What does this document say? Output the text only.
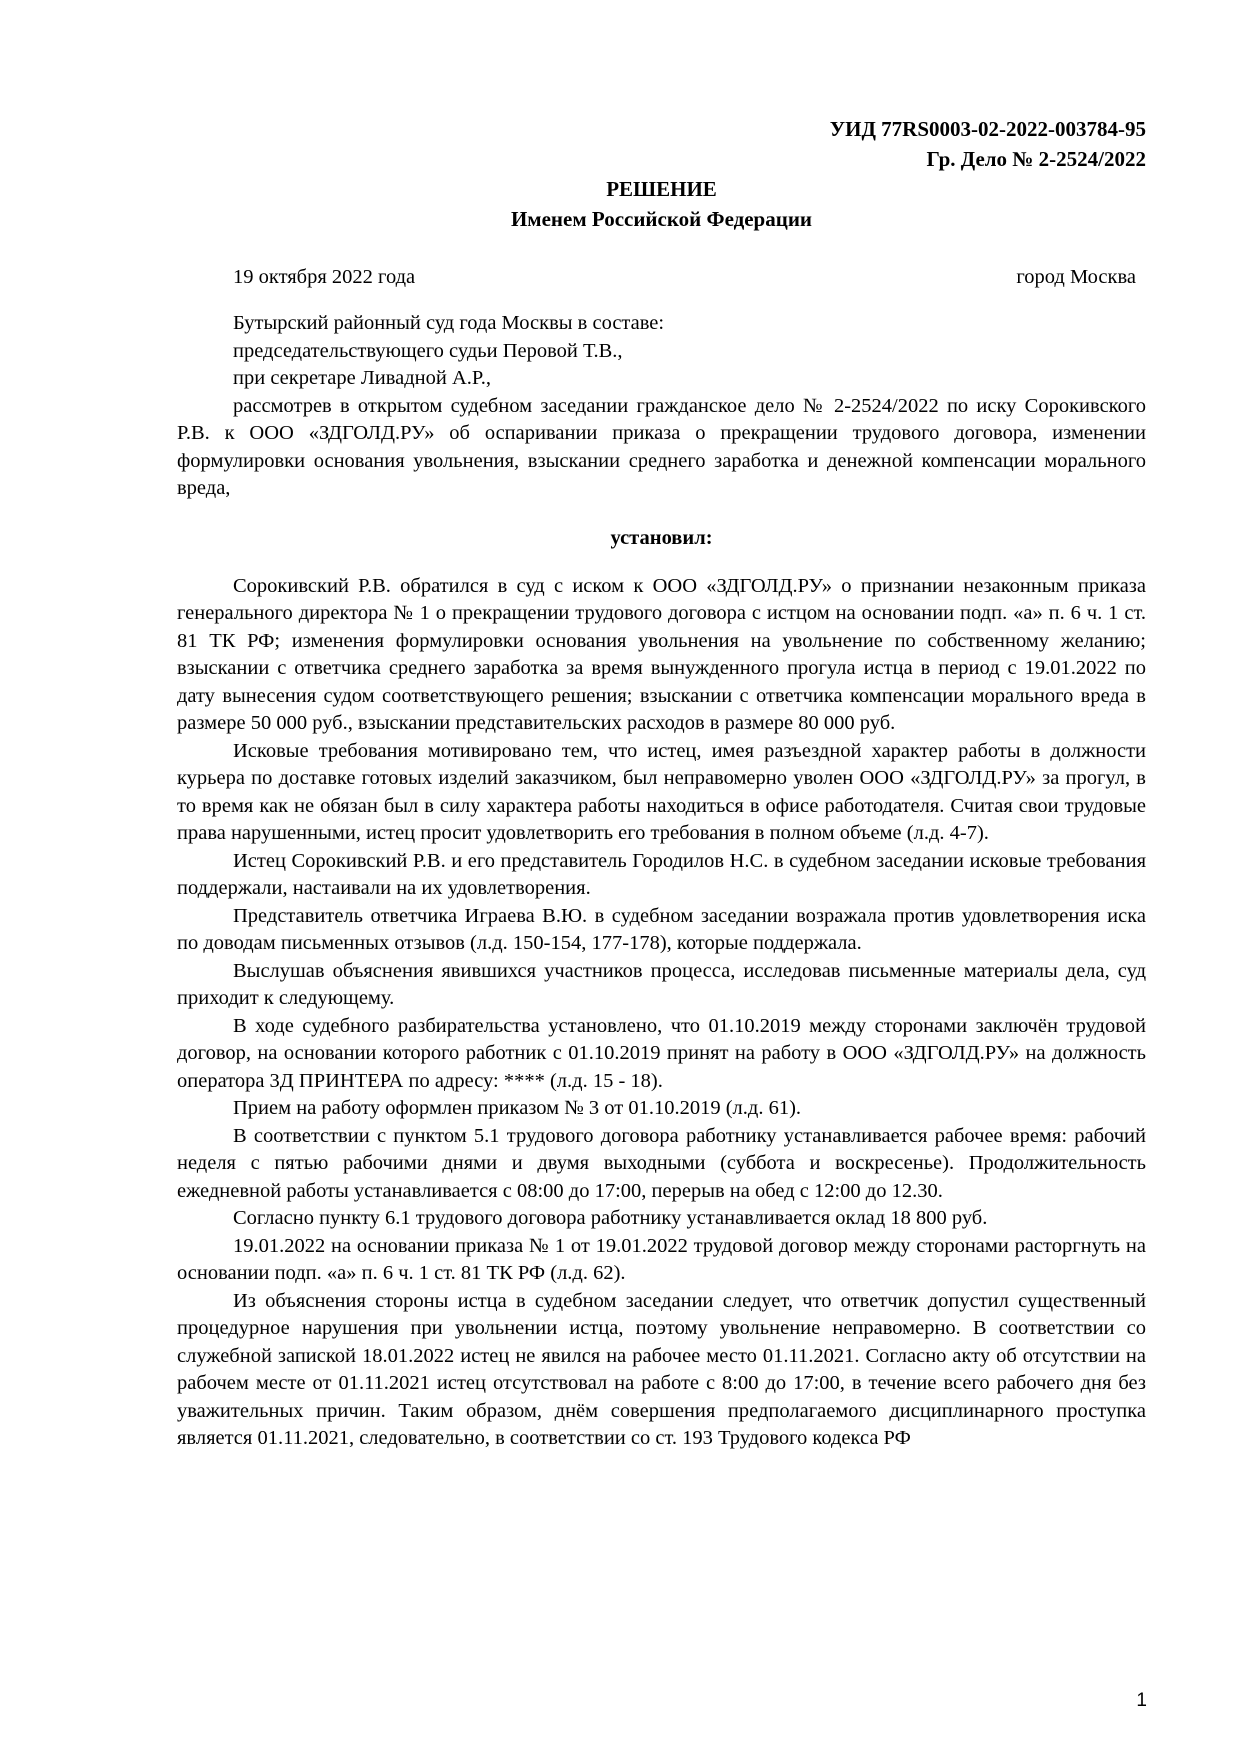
УИД 77RS0003-02-2022-003784-95
Гр. Дело № 2-2524/2022
РЕШЕНИЕ
Именем Российской Федерации
19 октября 2022 года	город Москва

Бутырский районный суд года Москвы в составе:

председательствующего судьи Перовой Т.В.,

при секретаре Ливадной А.Р.,

рассмотрев в открытом судебном заседании гражданское дело № 2-2524/2022 по иску Сорокивского Р.В. к ООО «ЗДГОЛД.РУ» об оспаривании приказа о прекращении трудового договора, изменении формулировки основания увольнения, взыскании среднего заработка и денежной компенсации морального вреда,

установил:

Сорокивский Р.В. обратился в суд с иском к ООО «ЗДГОЛД.РУ» о признании незаконным приказа генерального директора № 1 о прекращении трудового договора с истцом на основании подп. «а» п. 6 ч. 1 ст. 81 ТК РФ; изменения формулировки основания увольнения на увольнение по собственному желанию; взыскании с ответчика среднего заработка за время вынужденного прогула истца в период с 19.01.2022 по дату вынесения судом соответствующего решения; взыскании с ответчика компенсации морального вреда в размере 50 000 руб., взыскании представительских расходов в размере 80 000 руб.

Исковые требования мотивировано тем, что истец, имея разъездной характер работы в должности курьера по доставке готовых изделий заказчиком, был неправомерно уволен ООО «ЗДГОЛД.РУ» за прогул, в то время как не обязан был в силу характера работы находиться в офисе работодателя. Считая свои трудовые права нарушенными, истец просит удовлетворить его требования в полном объеме (л.д. 4-7).

Истец Сорокивский Р.В. и его представитель Городилов Н.С. в судебном заседании исковые требования поддержали, настаивали на их удовлетворения.

Представитель ответчика Играева В.Ю. в судебном заседании возражала против удовлетворения иска по доводам письменных отзывов (л.д. 150-154, 177-178), которые поддержала.

Выслушав объяснения явившихся участников процесса, исследовав письменные материалы дела, суд приходит к следующему.

В ходе судебного разбирательства установлено, что 01.10.2019 между сторонами заключён трудовой договор, на основании которого работник с 01.10.2019 принят на работу в ООО «ЗДГОЛД.РУ» на должность оператора 3Д ПРИНТЕРА по адресу: **** (л.д. 15 - 18).

Прием на работу оформлен приказом № 3 от 01.10.2019 (л.д. 61).

В соответствии с пунктом 5.1 трудового договора работнику устанавливается рабочее время: рабочий неделя с пятью рабочими днями и двумя выходными (суббота и воскресенье). Продолжительность ежедневной работы устанавливается с 08:00 до 17:00, перерыв на обед с 12:00 до 12.30.

Согласно пункту 6.1 трудового договора работнику устанавливается оклад 18 800 руб.

19.01.2022 на основании приказа № 1 от 19.01.2022 трудовой договор между сторонами расторгнуть на основании подп. «а» п. 6 ч. 1 ст. 81 ТК РФ (л.д. 62).

Из объяснения стороны истца в судебном заседании следует, что ответчик допустил существенный процедурное нарушения при увольнении истца, поэтому увольнение неправомерно. В соответствии со служебной запиской 18.01.2022 истец не явился на рабочее место 01.11.2021. Согласно акту об отсутствии на рабочем месте от 01.11.2021 истец отсутствовал на работе с 8:00 до 17:00, в течение всего рабочего дня без уважительных причин. Таким образом, днём совершения предполагаемого дисциплинарного проступка является 01.11.2021, следовательно, в соответствии со ст. 193 Трудового кодекса РФ

1
